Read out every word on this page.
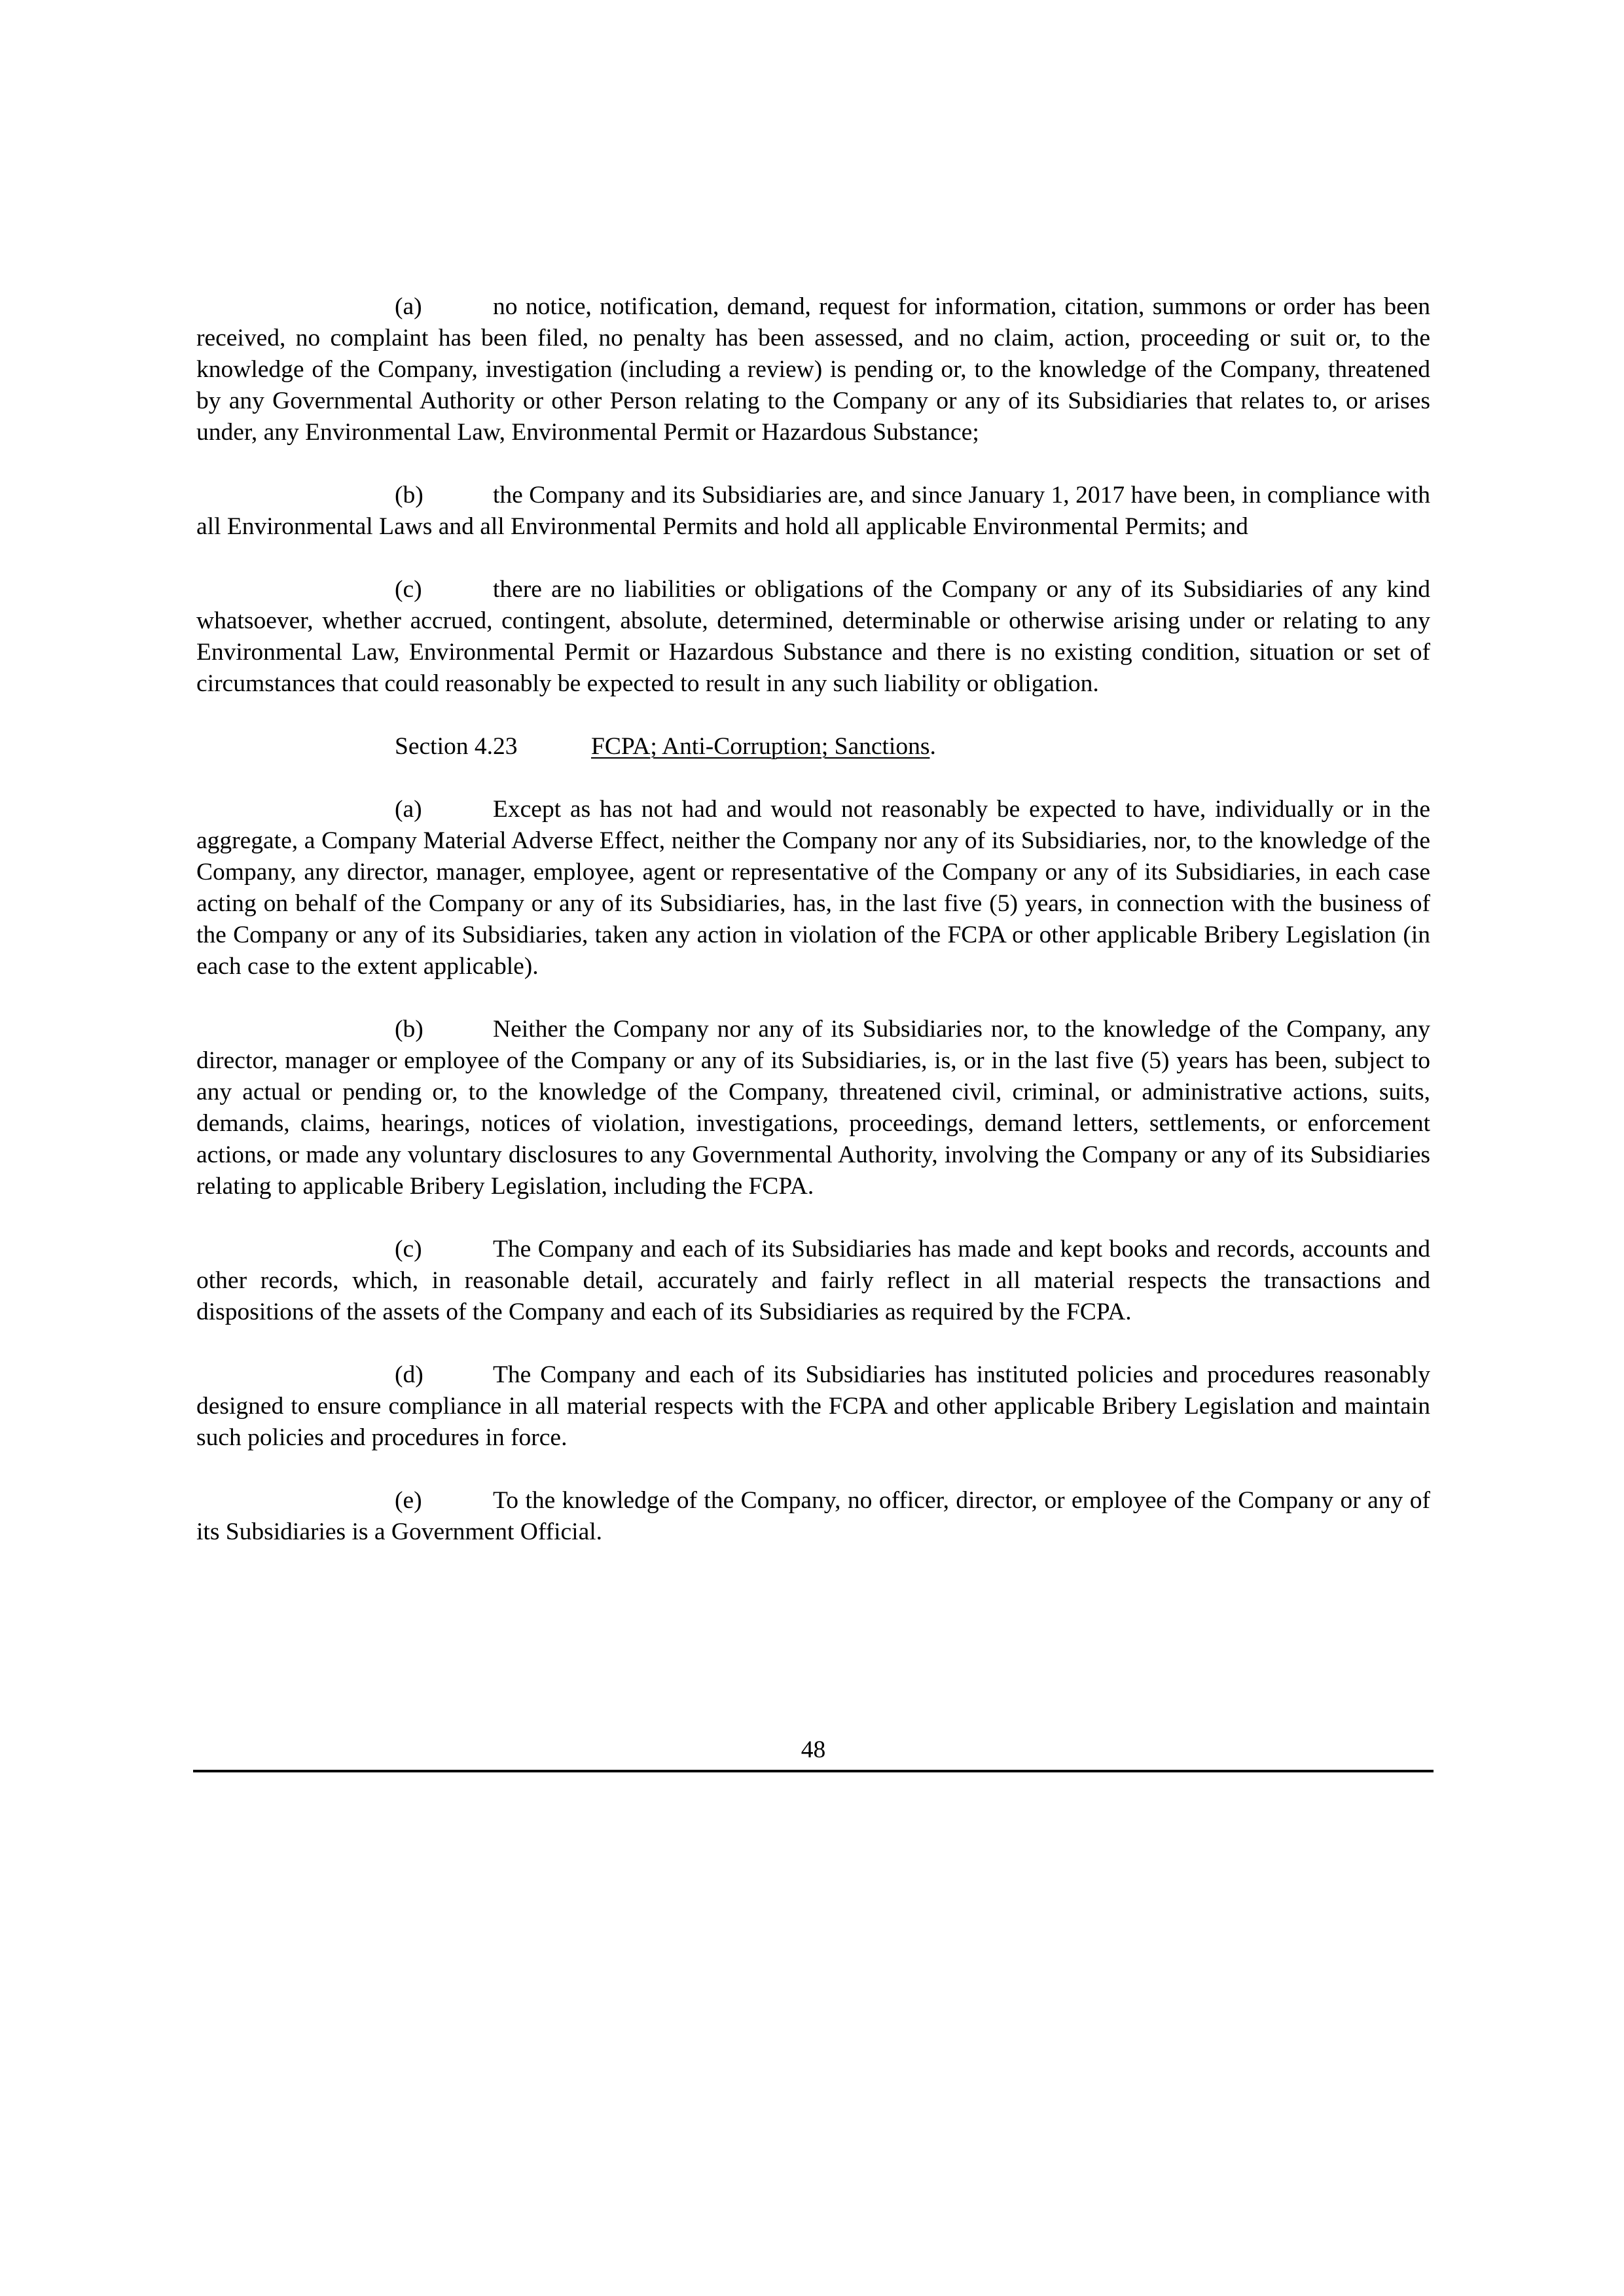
(a)	no notice, notification, demand, request for information, citation, summons or order has been received, no complaint has been filed, no penalty has been assessed, and no claim, action, proceeding or suit or, to the knowledge of the Company, investigation (including a review) is pending or, to the knowledge of the Company, threatened by any Governmental Authority or other Person relating to the Company or any of its Subsidiaries that relates to, or arises under, any Environmental Law, Environmental Permit or Hazardous Substance;

(b)	the Company and its Subsidiaries are, and since January 1, 2017 have been, in compliance with all Environmental Laws and all Environmental Permits and hold all applicable Environmental Permits; and

(c)	there are no liabilities or obligations of the Company or any of its Subsidiaries of any kind whatsoever, whether accrued, contingent, absolute, determined, determinable or otherwise arising under or relating to any Environmental Law, Environmental Permit or Hazardous Substance and there is no existing condition, situation or set of circumstances that could reasonably be expected to result in any such liability or obligation.

Section 4.23	FCPA; Anti-Corruption; Sanctions.

(a)	Except as has not had and would not reasonably be expected to have, individually or in the aggregate, a Company Material Adverse Effect, neither the Company nor any of its Subsidiaries, nor, to the knowledge of the Company, any director, manager, employee, agent or representative of the Company or any of its Subsidiaries, in each case acting on behalf of the Company or any of its Subsidiaries, has, in the last five (5) years, in connection with the business of the Company or any of its Subsidiaries, taken any action in violation of the FCPA or other applicable Bribery Legislation (in each case to the extent applicable).

(b)	Neither the Company nor any of its Subsidiaries nor, to the knowledge of the Company, any director, manager or employee of the Company or any of its Subsidiaries, is, or in the last five (5) years has been, subject to any actual or pending or, to the knowledge of the Company, threatened civil, criminal, or administrative actions, suits, demands, claims, hearings, notices of violation, investigations, proceedings, demand letters, settlements, or enforcement actions, or made any voluntary disclosures to any Governmental Authority, involving the Company or any of its Subsidiaries relating to applicable Bribery Legislation, including the FCPA.

(c)	The Company and each of its Subsidiaries has made and kept books and records, accounts and other records, which, in reasonable detail, accurately and fairly reflect in all material respects the transactions and dispositions of the assets of the Company and each of its Subsidiaries as required by the FCPA.

(d)	The Company and each of its Subsidiaries has instituted policies and procedures reasonably designed to ensure compliance in all material respects with the FCPA and other applicable Bribery Legislation and maintain such policies and procedures in force.

(e)	To the knowledge of the Company, no officer, director, or employee of the Company or any of its Subsidiaries is a Government Official.

48
